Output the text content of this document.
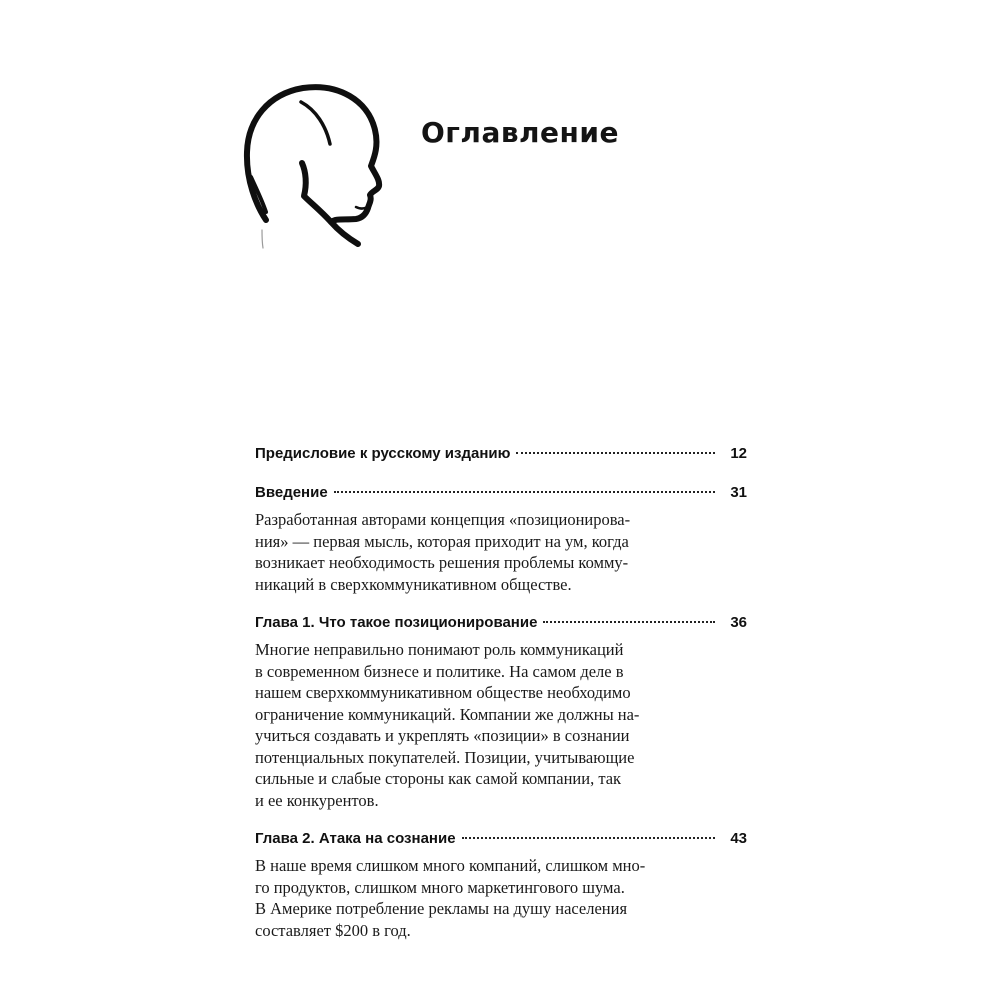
Оглавление
Предисловие к русскому изданию	12
Введение	31

Разработанная авторами концепция «позиционирова-
ния» — первая мысль, которая приходит на ум, когда
возникает необходимость решения проблемы комму-
никаций в сверхкоммуникативном обществе.

Глава 1. Что такое позиционирование	36

Многие неправильно понимают роль коммуникаций
в современном бизнесе и политике. На самом деле в
нашем сверхкоммуникативном обществе необходимо
ограничение коммуникаций. Компании же должны на-
учиться создавать и укреплять «позиции» в сознании
потенциальных покупателей. Позиции, учитывающие
сильные и слабые стороны как самой компании, так
и ее конкурентов.

Глава 2. Атака на сознание	43

В наше время слишком много компаний, слишком мно-
го продуктов, слишком много маркетингового шума.
В Америке потребление рекламы на душу населения
составляет $200 в год.
